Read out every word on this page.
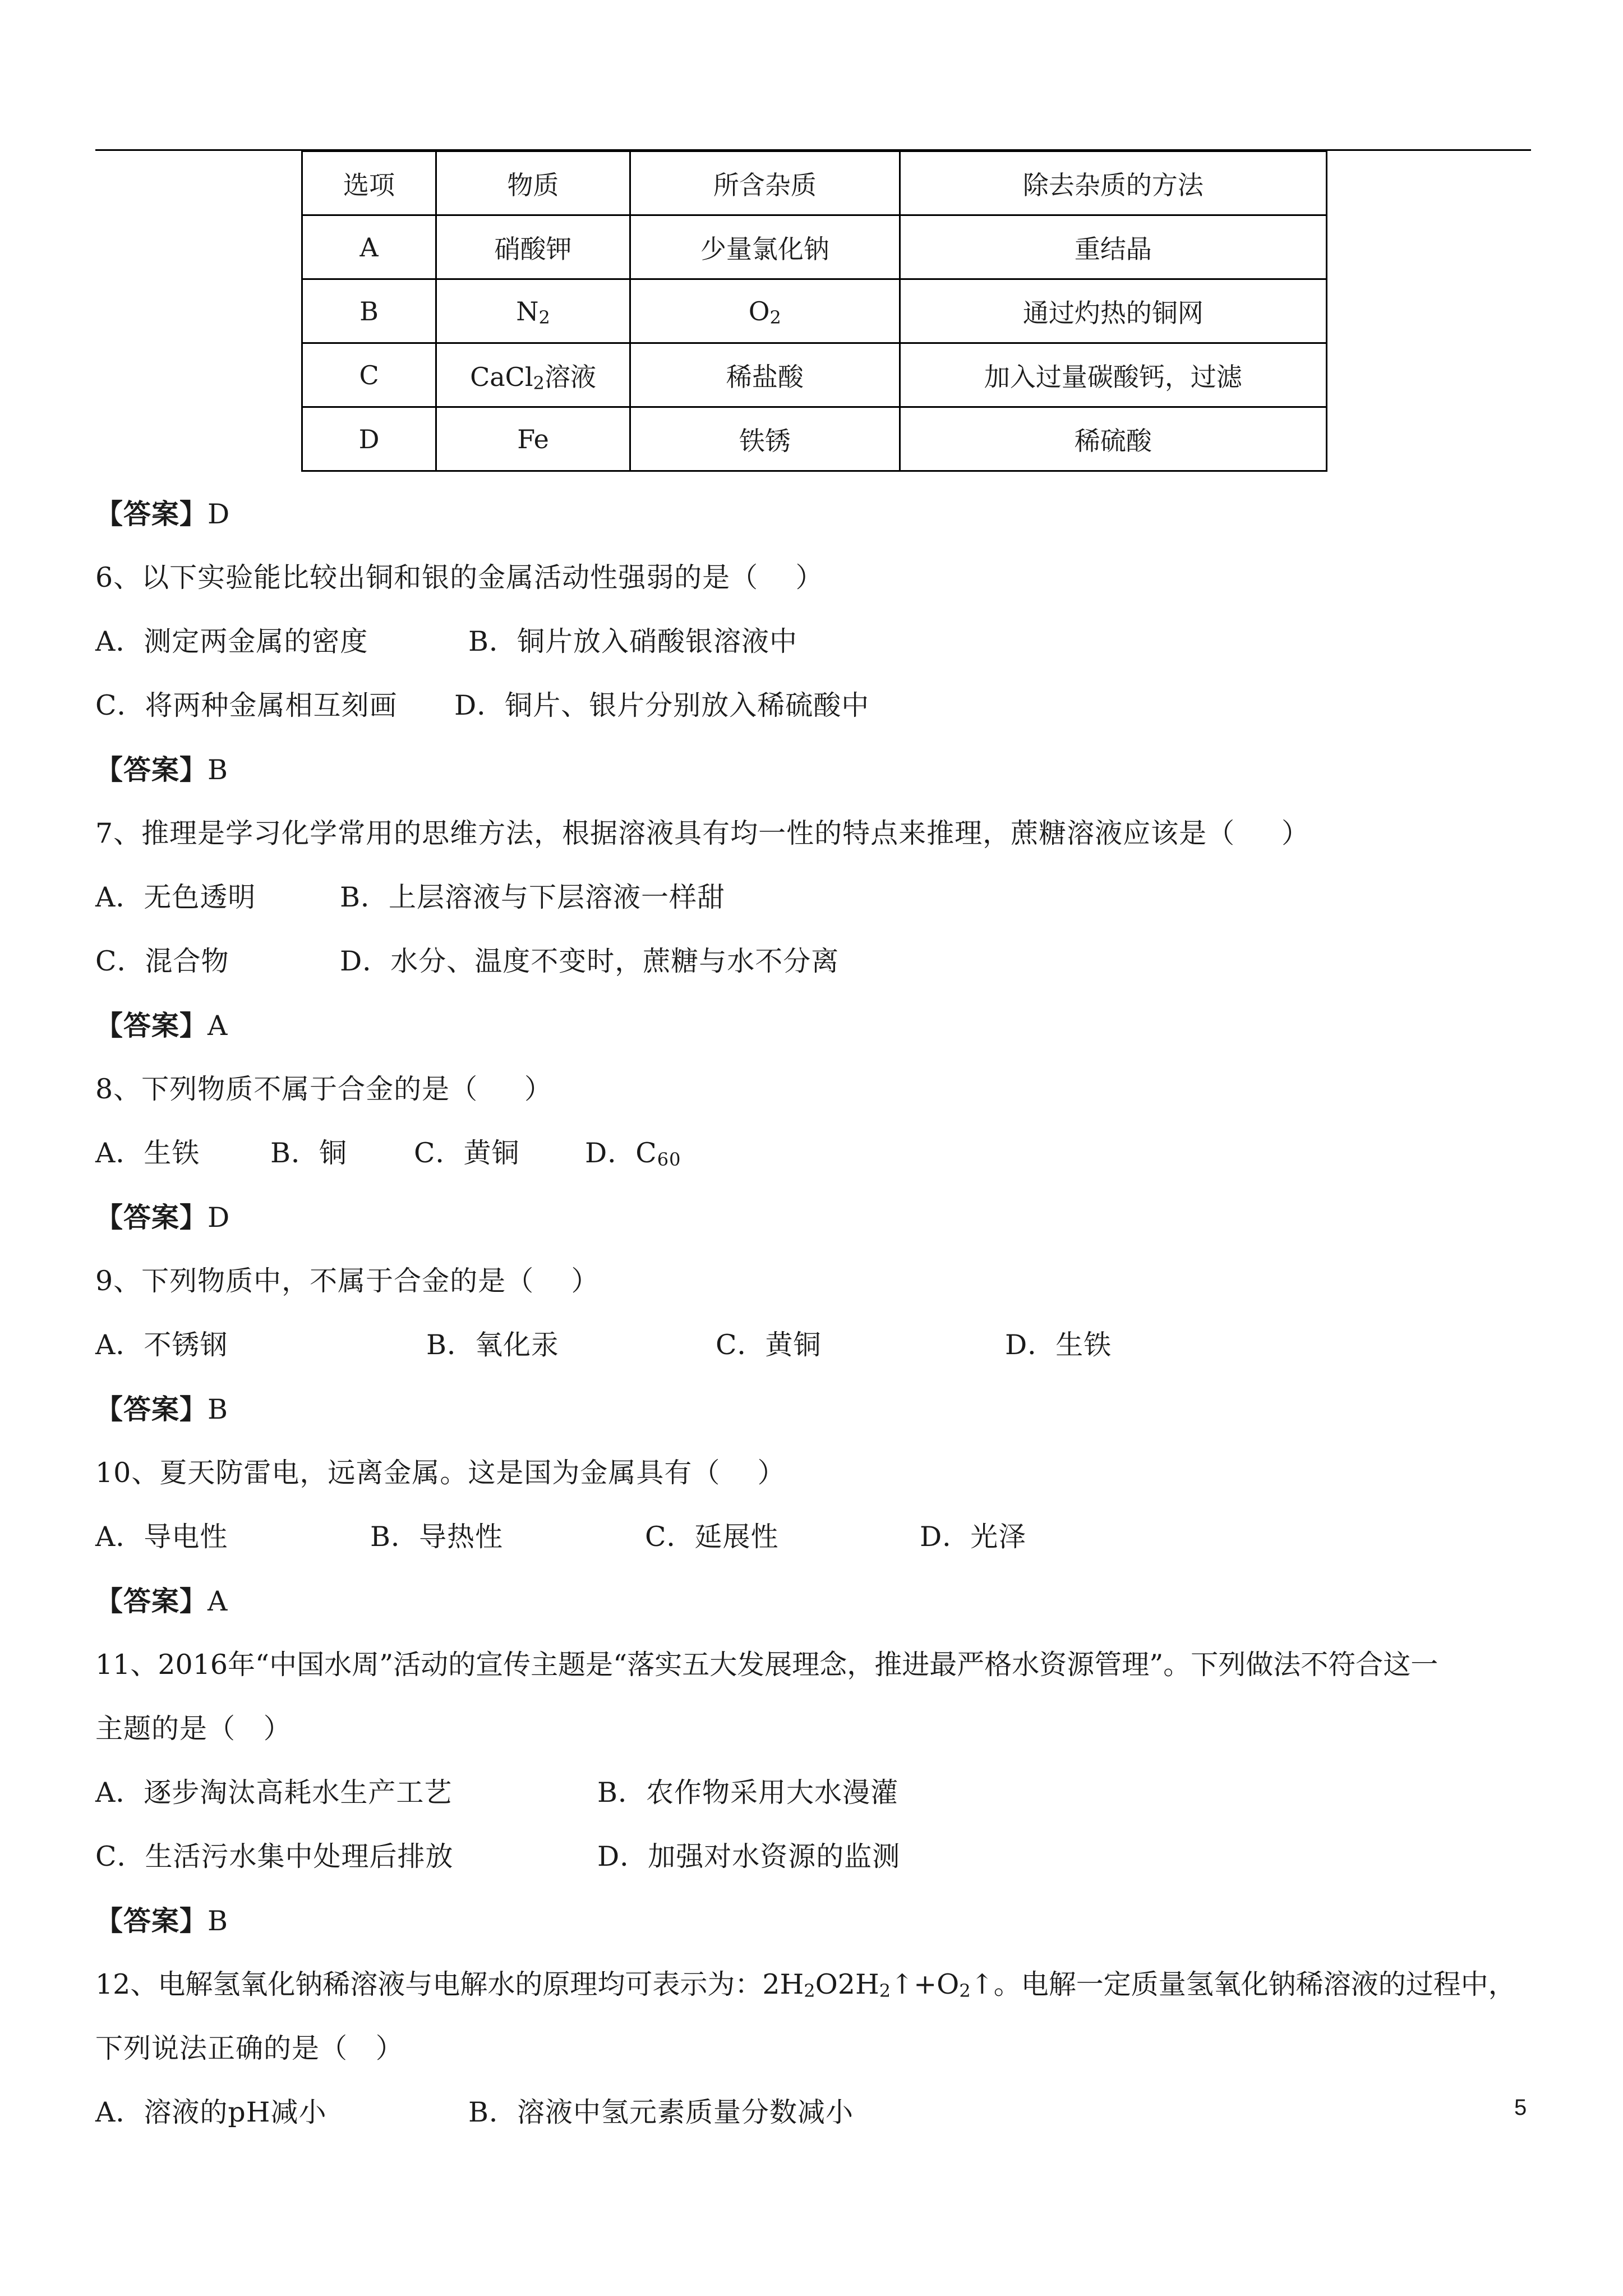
选项	物质	所含杂质	除去杂质的方法
A	硝酸钾	少量氯化钠	重结晶
B	$N_2$	$O_2$	通过灼热的铜网
C	CaCl$_2$溶液	稀盐酸	加入过量碳酸钙，过滤
D	Fe	铁锈	稀硫酸
【答案】D
6、以下实验能比较出铜和银的金属活动性强弱的是（    ）
A．测定两金属的密度	B．铜片放入硝酸银溶液中
C．将两种金属相互刻画 D．铜片、银片分别放入稀硫酸中
【答案】B
7、推理是学习化学常用的思维方法，根据溶液具有均一性的特点来推理，蔗糖溶液应该是（     ）
A．无色透明	B．上层溶液与下层溶液一样甜
C．混合物	D．水分、温度不变时，蔗糖与水不分离
【答案】A
8、下列物质不属于合金的是（     ）
A．生铁	B．铜 C．黄铜 D．$C_{60}$
【答案】D
9、下列物质中，不属于合金的是（    ）
A．不锈钢	B．氧化汞	C．黄铜	D．生铁
【答案】B
10、夏天防雷电，远离金属。这是国为金属具有（    ）
A．导电性	B．导热性	C．延展性	D．光泽
【答案】A
11、2016年“中国水周”活动的宣传主题是“落实五大发展理念，推进最严格水资源管理”。下列做法不符合这一
主题的是（   ）
A．逐步淘汰高耗水生产工艺	B．农作物采用大水漫灌
C．生活污水集中处理后排放	D．加强对水资源的监测
【答案】B
12、电解氢氧化钠稀溶液与电解水的原理均可表示为：$2H_2O2H_2↑+O_2↑$。电解一定质量氢氧化钠稀溶液的过程中，
下列说法正确的是（   ）
A．溶液的pH减小	B．溶液中氢元素质量分数减小	5
